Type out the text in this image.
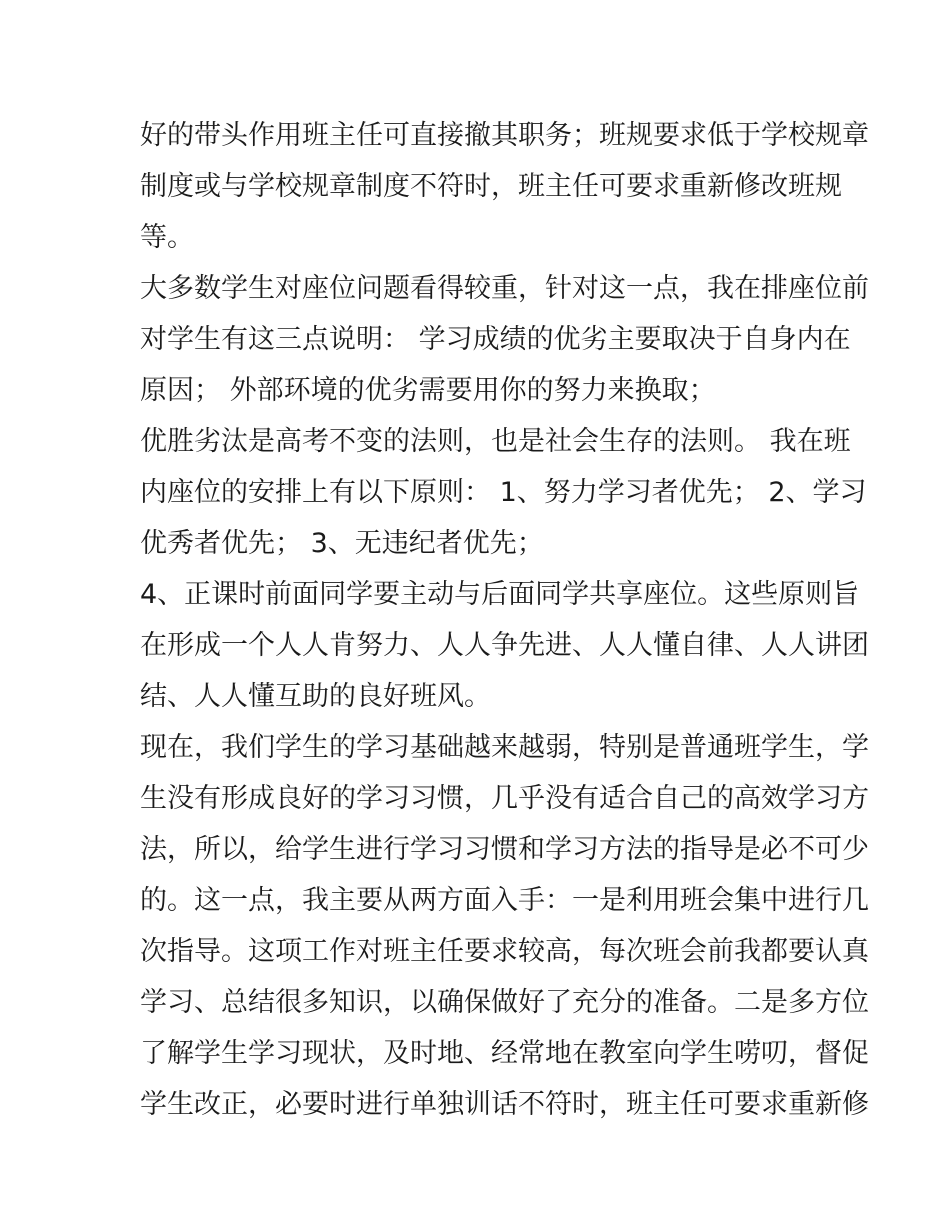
好的带头作用班主任可直接撤其职务；班规要求低于学校规章
制度或与学校规章制度不符时，班主任可要求重新修改班规
等。

大多数学生对座位问题看得较重，针对这一点，我在排座位前
对学生有这三点说明： 学习成绩的优劣主要取决于自身内在
原因； 外部环境的优劣需要用你的努力来换取；

优胜劣汰是高考不变的法则，也是社会生存的法则。 我在班
内座位的安排上有以下原则： 1、努力学习者优先； 2、学习
优秀者优先； 3、无违纪者优先；

4、正课时前面同学要主动与后面同学共享座位。这些原则旨
在形成一个人人肯努力、人人争先进、人人懂自律、人人讲团
结、人人懂互助的良好班风。

现在，我们学生的学习基础越来越弱，特别是普通班学生，学
生没有形成良好的学习习惯，几乎没有适合自己的高效学习方
法，所以，给学生进行学习习惯和学习方法的指导是必不可少
的。这一点，我主要从两方面入手：一是利用班会集中进行几
次指导。这项工作对班主任要求较高，每次班会前我都要认真
学习、总结很多知识，以确保做好了充分的准备。二是多方位
了解学生学习现状，及时地、经常地在教室向学生唠叨，督促
学生改正，必要时进行单独训话不符时，班主任可要求重新修
